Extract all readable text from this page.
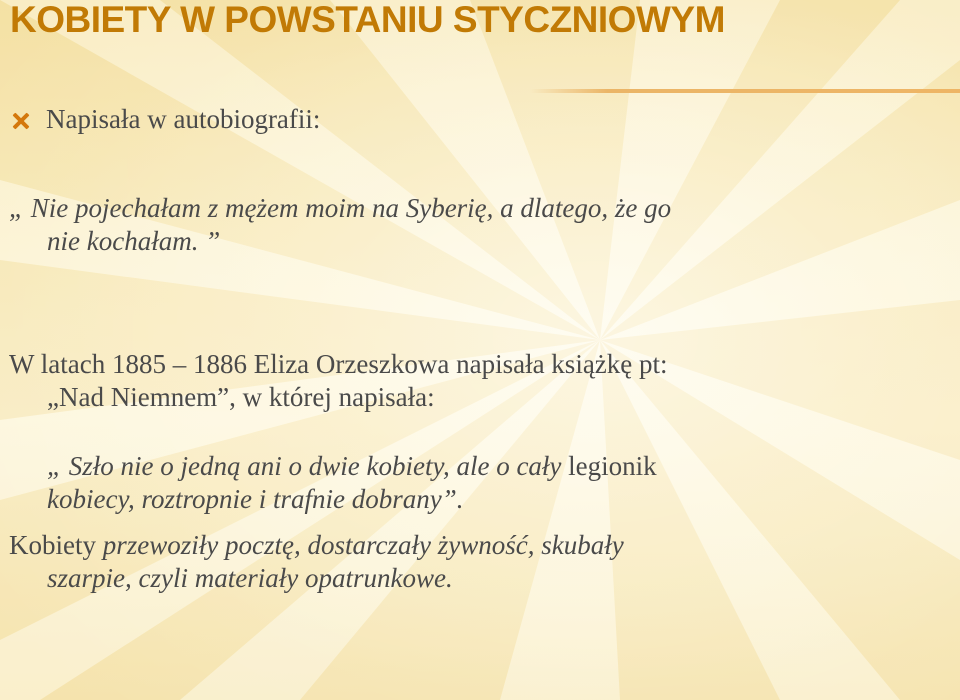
KOBIETY W POWSTANIU STYCZNIOWYM
Napisała w autobiografii:
„ Nie pojechałam z mężem moim na Syberię, a dlatego, że go
nie kochałam. ”
W latach 1885 – 1886 Eliza Orzeszkowa napisała książkę pt:
„Nad Niemnem”, w której napisała:
„ Szło nie o jedną ani o dwie kobiety, ale o cały legionik
kobiecy, roztropnie i trafnie dobrany”.
Kobiety przewoziły pocztę, dostarczały żywność, skubały
szarpie, czyli materiały opatrunkowe.
